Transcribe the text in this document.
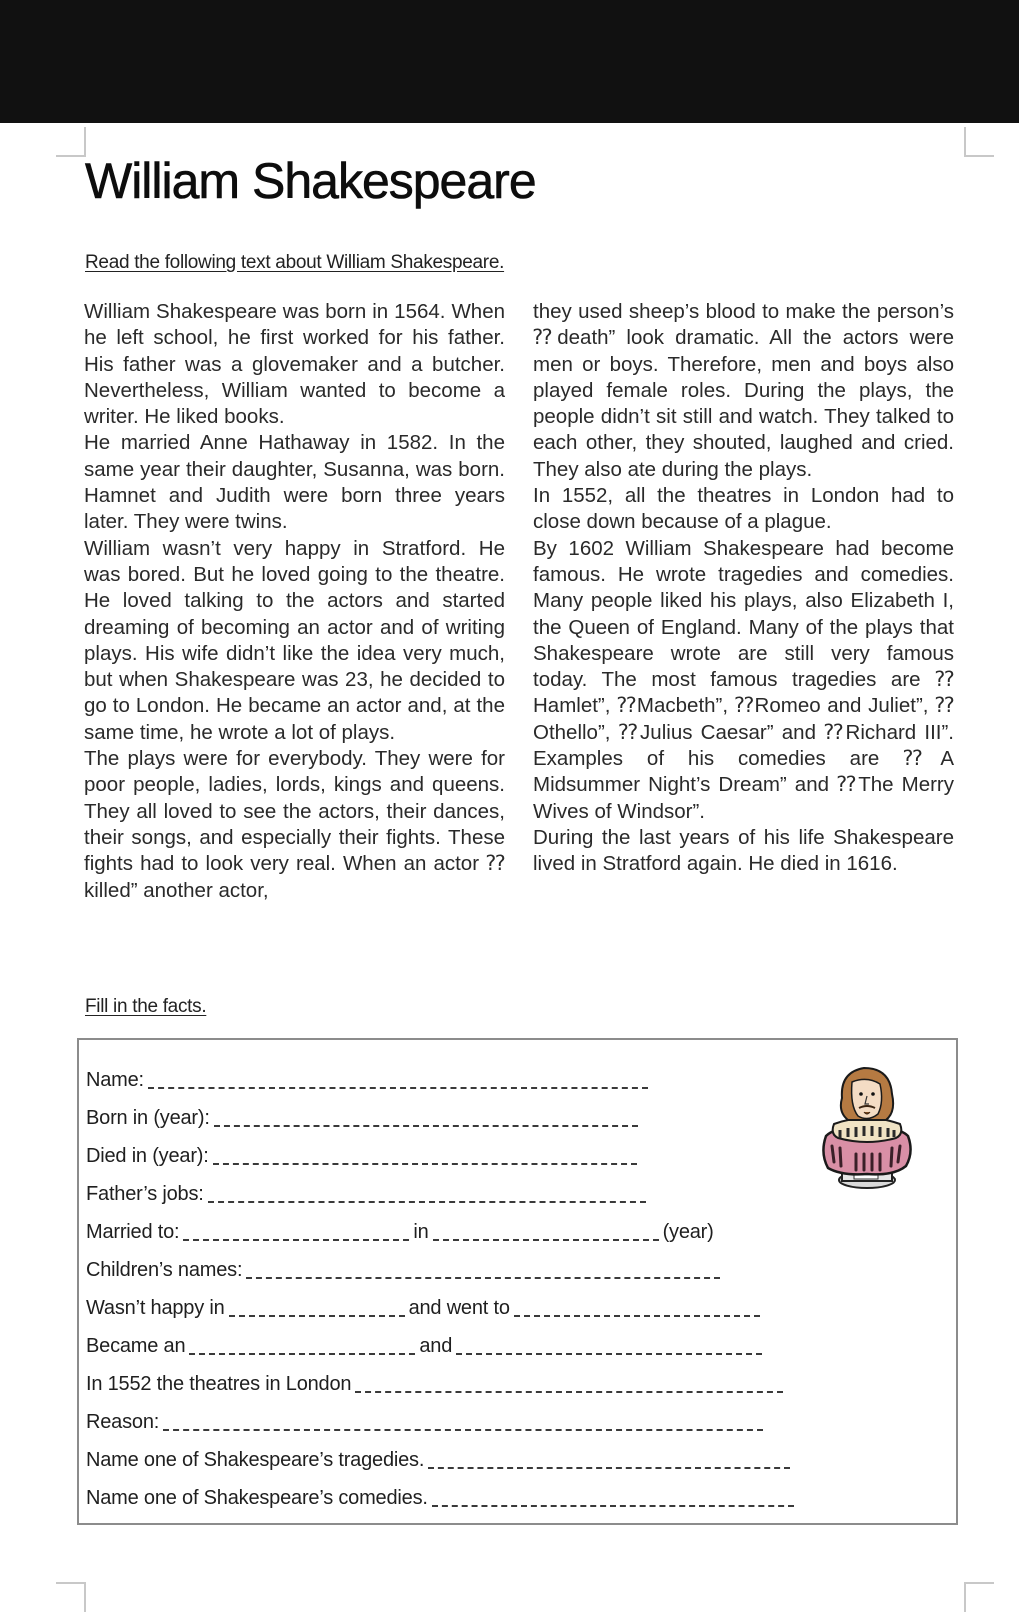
William Shakespeare
Read the following text about William Shakespeare.

William Shakespeare was born in 1564. When he left school, he first worked for his father. His father was a glovemaker and a butcher. Nevertheless, William wanted to become a writer. He liked books.

He married Anne Hathaway in 1582. In the same year their daughter, Susanna, was born. Hamnet and Judith were born three years later. They were twins.

William wasn’t very happy in Stratford. He was bored. But he loved going to the theatre. He loved talking to the actors and started dreaming of becoming an actor and of writing plays. His wife didn’t like the idea very much, but when Shakespeare was 23, he decided to go to London. He became an actor and, at the same time, he wrote a lot of plays.

The plays were for everybody. They were for poor people, ladies, lords, kings and queens. They all loved to see the actors, their dances, their songs, and especially their fights. These fights had to look very real. When an actor ⁇killed” another actor,

they used sheep’s blood to make the person’s ⁇death” look dramatic. All the actors were men or boys. Therefore, men and boys also played female roles. During the plays, the people didn’t sit still and watch. They talked to each other, they shouted, laughed and cried. They also ate during the plays.

In 1552, all the theatres in London had to close down because of a plague.

By 1602 William Shakespeare had become famous. He wrote tragedies and comedies. Many people liked his plays, also Elizabeth I, the Queen of England. Many of the plays that Shakespeare wrote are still very famous today. The most famous tragedies are ⁇Hamlet”, ⁇Macbeth”, ⁇Romeo and Juliet”, ⁇Othello”, ⁇Julius Caesar” and ⁇Richard III”. Examples of his comedies are ⁇A Midsummer Night’s Dream” and ⁇The Merry Wives of Windsor”.

During the last years of his life Shakespeare lived in Stratford again. He died in 1616.

Fill in the facts.
Name:
Born in (year):
Died in (year):
Father’s jobs:
Married to:	in	(year)
Children’s names:
Wasn’t happy in	and went to
Became an	and
In 1552 the theatres in London
Reason:
Name one of Shakespeare’s tragedies.
Name one of Shakespeare’s comedies.
